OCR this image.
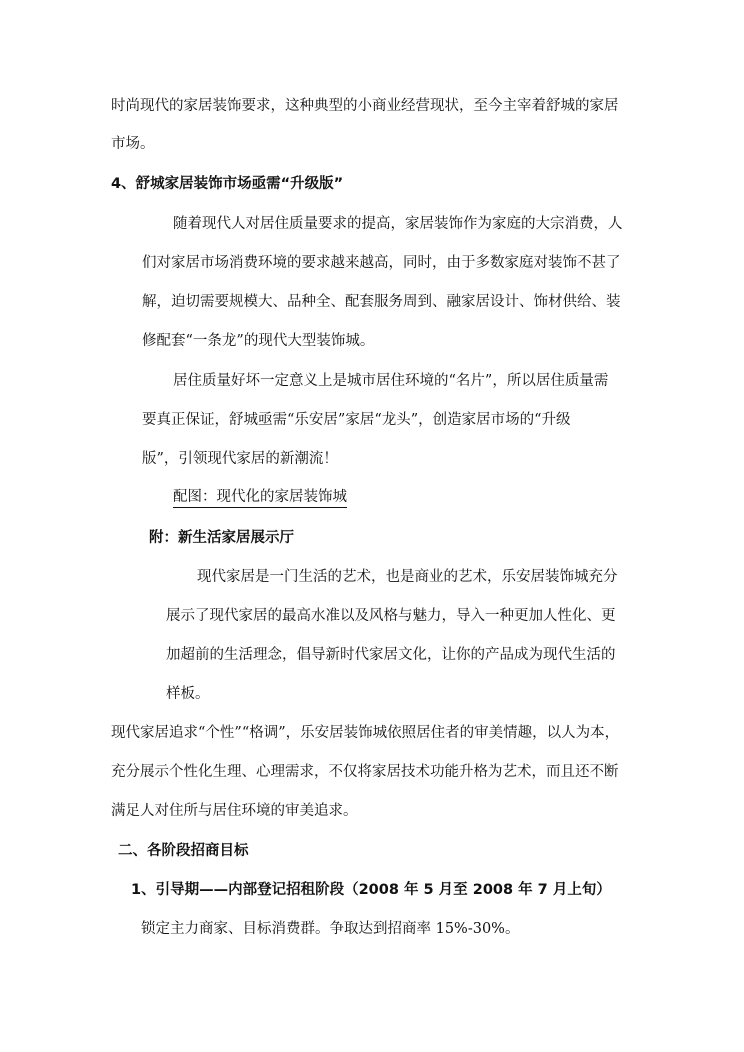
时尚现代的家居装饰要求，这种典型的小商业经营现状，至今主宰着舒城的家居
市场。
4、舒城家居装饰市场亟需“升级版”
随着现代人对居住质量要求的提高，家居装饰作为家庭的大宗消费，人
们对家居市场消费环境的要求越来越高，同时，由于多数家庭对装饰不甚了
解，迫切需要规模大、品种全、配套服务周到、融家居设计、饰材供给、装
修配套“一条龙”的现代大型装饰城。
居住质量好坏一定意义上是城市居住环境的“名片”，所以居住质量需
要真正保证，舒城亟需“乐安居”家居“龙头”，创造家居市场的“升级
版”，引领现代家居的新潮流！
配图：现代化的家居装饰城
附：新生活家居展示厅
现代家居是一门生活的艺术，也是商业的艺术，乐安居装饰城充分
展示了现代家居的最高水准以及风格与魅力，导入一种更加人性化、更
加超前的生活理念，倡导新时代家居文化，让你的产品成为现代生活的
样板。
现代家居追求“个性”“格调”，乐安居装饰城依照居住者的审美情趣，以人为本，
充分展示个性化生理、心理需求，不仅将家居技术功能升格为艺术，而且还不断
满足人对住所与居住环境的审美追求。
二、各阶段招商目标
1、引导期——内部登记招租阶段（2008 年 5 月至 2008 年 7 月上旬）
锁定主力商家、目标消费群。争取达到招商率 15%-30%。
